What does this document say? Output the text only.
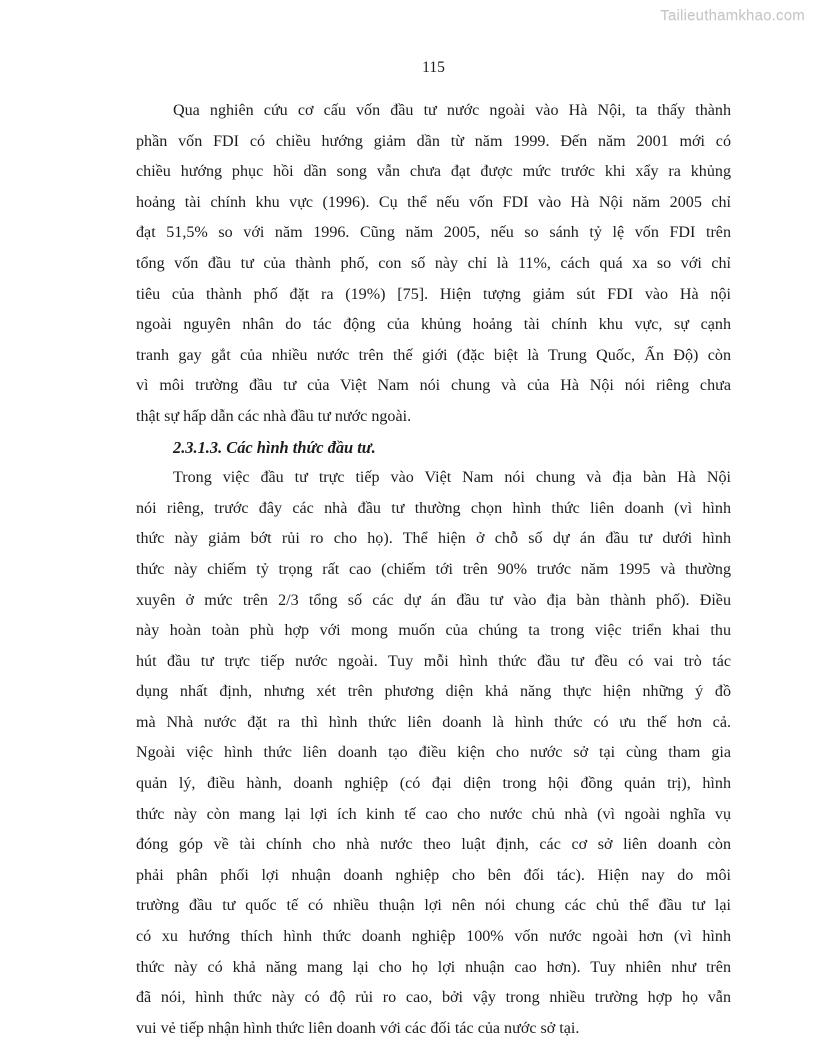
Tailieuthamkhao.com
115
Qua nghiên cứu cơ cấu vốn đầu tư nước ngoài vào Hà Nội, ta thấy thành
phần vốn FDI có chiều hướng giảm dần từ năm 1999. Đến năm 2001 mới có
chiều hướng phục hồi dần song vẫn chưa đạt được mức trước khi xẩy ra khủng
hoảng tài chính khu vực (1996). Cụ thể nếu vốn FDI vào Hà Nội năm 2005 chỉ
đạt 51,5% so với năm 1996. Cũng năm 2005, nếu so sánh tỷ lệ vốn FDI trên
tổng vốn đầu tư của thành phố, con số này chỉ là 11%, cách quá xa so với chỉ
tiêu của thành phố đặt ra (19%) [75]. Hiện tượng giảm sút FDI vào Hà nội
ngoài nguyên nhân do tác động của khủng hoảng tài chính khu vực, sự cạnh
tranh gay gắt của nhiều nước trên thế giới (đặc biệt là Trung Quốc, Ấn Độ) còn
vì môi trường đầu tư của Việt Nam nói chung và của Hà Nội nói riêng chưa
thật sự hấp dẫn các nhà đầu tư nước ngoài.
2.3.1.3. Các hình thức đầu tư.
Trong việc đầu tư trực tiếp vào Việt Nam nói chung và địa bàn Hà Nội
nói riêng, trước đây các nhà đầu tư thường chọn hình thức liên doanh (vì hình
thức này giảm bớt rủi ro cho họ). Thể hiện ở chỗ số dự án đầu tư dưới hình
thức này chiếm tỷ trọng rất cao (chiếm tới trên 90% trước năm 1995 và thường
xuyên ở mức trên 2/3 tổng số các dự án đầu tư vào địa bàn thành phố). Điều
này hoàn toàn phù hợp với mong muốn của chúng ta trong việc triển khai thu
hút đầu tư trực tiếp nước ngoài. Tuy mỗi hình thức đầu tư đều có vai trò tác
dụng nhất định, nhưng xét trên phương diện khả năng thực hiện những ý đồ
mà Nhà nước đặt ra thì hình thức liên doanh là hình thức có ưu thế hơn cả.
Ngoài việc hình thức liên doanh tạo điều kiện cho nước sở tại cùng tham gia
quản lý, điều hành, doanh nghiệp (có đại diện trong hội đồng quản trị), hình
thức này còn mang lại lợi ích kinh tế cao cho nước chủ nhà (vì ngoài nghĩa vụ
đóng góp về tài chính cho nhà nước theo luật định, các cơ sở liên doanh còn
phải phân phối lợi nhuận doanh nghiệp cho bên đối tác). Hiện nay do môi
trường đầu tư quốc tế có nhiều thuận lợi nên nói chung các chủ thể đầu tư lại
có xu hướng thích hình thức doanh nghiệp 100% vốn nước ngoài hơn (vì hình
thức này có khả năng mang lại cho họ lợi nhuận cao hơn). Tuy nhiên như trên
đã nói, hình thức này có độ rủi ro cao, bởi vậy trong nhiều trường hợp họ vẫn
vui vẻ tiếp nhận hình thức liên doanh với các đối tác của nước sở tại.
